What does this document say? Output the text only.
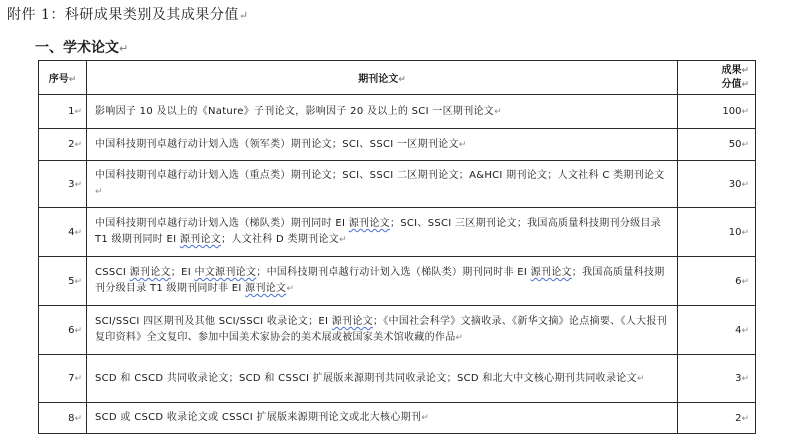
附件 1：科研成果类别及其成果分值↵
一、学术论文↵
序号↵	期刊论文↵	成果↵
分值↵

1↵	影响因子 10 及以上的《Nature》子刊论文，影响因子 20 及以上的 SCI 一区期刊论文↵	100↵
2↵	中国科技期刊卓越行动计划入选（领军类）期刊论文；SCI、SSCI 一区期刊论文↵	50↵
3↵	中国科技期刊卓越行动计划入选（重点类）期刊论文；SCI、SSCI 二区期刊论文；A&HCI 期刊论文；人文社科 C 类期刊论文↵	30↵
4↵	中国科技期刊卓越行动计划入选（梯队类）期刊同时 EI 源刊论文；SCI、SSCI 三区期刊论文；我国高质量科技期刊分级目录 T1 级期刊同时 EI 源刊论文；人文社科 D 类期刊论文↵	10↵
5↵	CSSCI 源刊论文；EI 中文源刊论文；中国科技期刊卓越行动计划入选（梯队类）期刊同时非 EI 源刊论文；我国高质量科技期刊分级目录 T1 级期刊同时非 EI 源刊论文↵	6↵
6↵	SCI/SSCI 四区期刊及其他 SCI/SSCI 收录论文；EI 源刊论文；《中国社会科学》文摘收录、《新华文摘》论点摘要、《人大报刊复印资料》全文复印、参加中国美术家协会的美术展或被国家美术馆收藏的作品↵	4↵
7↵	SCD 和 CSCD 共同收录论文；SCD 和 CSSCI 扩展版来源期刊共同收录论文；SCD 和北大中文核心期刊共同收录论文↵	3↵
8↵	SCD 或 CSCD 收录论文或 CSSCI 扩展版来源期刊论文或北大核心期刊↵	2↵
